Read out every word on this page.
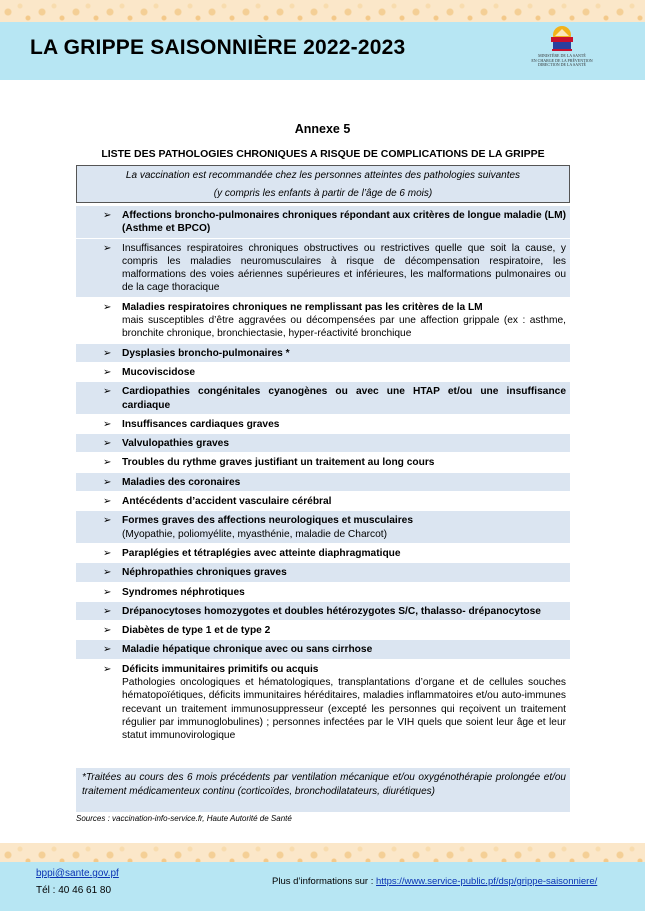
LA GRIPPE SAISONNIÈRE 2022-2023	MINISTÈRE DE LA SANTÉ
EN CHARGE DE LA PRÉVENTION
DIRECTION DE LA SANTÉ
Annexe 5
LISTE DES PATHOLOGIES CHRONIQUES A RISQUE DE COMPLICATIONS DE LA GRIPPE
La vaccination est recommandée chez les personnes atteintes des pathologies suivantes
(y compris les enfants à partir de l’âge de 6 mois)
➢ Affections broncho-pulmonaires chroniques répondant aux critères de longue maladie (LM) (Asthme et BPCO)
➢ Insuffisances respiratoires chroniques obstructives ou restrictives quelle que soit la cause, y compris les maladies neuromusculaires à risque de décompensation respiratoire, les malformations des voies aériennes supérieures et inférieures, les malformations pulmonaires ou de la cage thoracique
➢ Maladies respiratoires chroniques ne remplissant pas les critères de la LM
mais susceptibles d’être aggravées ou décompensées par une affection grippale (ex : asthme, bronchite chronique, bronchiectasie, hyper-réactivité bronchique
➢ Dysplasies broncho-pulmonaires *
➢ Mucoviscidose
➢ Cardiopathies congénitales cyanogènes ou avec une HTAP et/ou une insuffisance cardiaque
➢ Insuffisances cardiaques graves
➢ Valvulopathies graves
➢ Troubles du rythme graves justifiant un traitement au long cours
➢ Maladies des coronaires
➢ Antécédents d’accident vasculaire cérébral
➢ Formes graves des affections neurologiques et musculaires
(Myopathie, poliomyélite, myasthénie, maladie de Charcot)
➢ Paraplégies et tétraplégies avec atteinte diaphragmatique
➢ Néphropathies chroniques graves
➢ Syndromes néphrotiques
➢ Drépanocytoses homozygotes et doubles hétérozygotes S/C, thalasso- drépanocytose
➢ Diabètes de type 1 et de type 2
➢ Maladie hépatique chronique avec ou sans cirrhose
➢ Déficits immunitaires primitifs ou acquis
Pathologies oncologiques et hématologiques, transplantations d’organe et de cellules souches hématopoïétiques, déficits immunitaires héréditaires, maladies inflammatoires et/ou auto-immunes recevant un traitement immunosuppresseur (excepté les personnes qui reçoivent un traitement régulier par immunoglobulines) ; personnes infectées par le VIH quels que soient leur âge et leur statut immunovirologique
*Traitées au cours des 6 mois précédents par ventilation mécanique et/ou oxygénothérapie prolongée et/ou traitement médicamenteux continu (corticoïdes, bronchodilatateurs, diurétiques)
Sources : vaccination-info-service.fr, Haute Autorité de Santé
bppi@sante.gov.pf
Tél : 40 46 61 80
Plus d’informations sur : https://www.service-public.pf/dsp/grippe-saisonniere/
